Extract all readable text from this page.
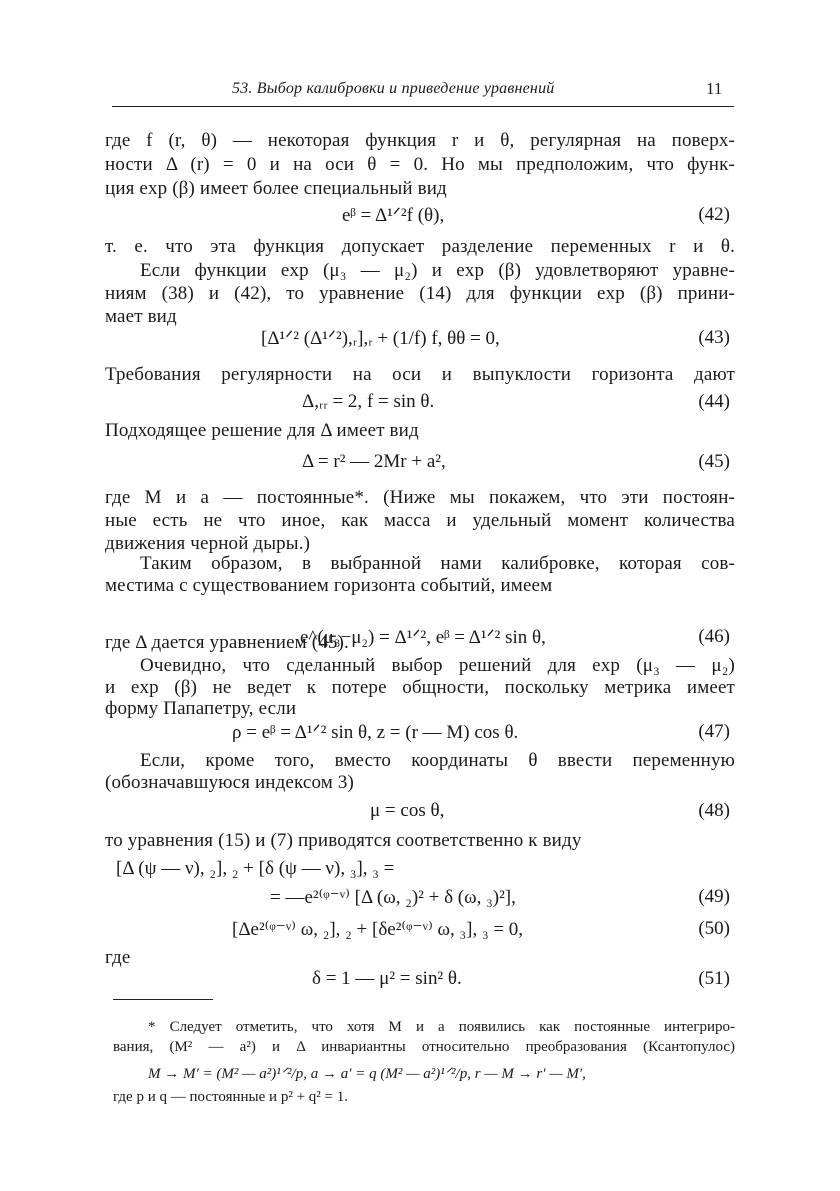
53. Выбор калибровки и приведение уравнений	11
где f (r, θ) — некоторая функция r и θ, регулярная на поверх-
ности Δ (r) = 0 и на оси θ = 0. Но мы предположим, что функ-
ция exp (β) имеет более специальный вид
eᵝ = Δ¹ᐟ²f (θ),	(42)
т. е. что эта функция допускает разделение переменных r и θ.
Если функции exp (μ₃ — μ₂) и exp (β) удовлетворяют уравне-
ниям (38) и (42), то уравнение (14) для функции exp (β) прини-
мает вид
[Δ¹ᐟ² (Δ¹ᐟ²),ᵣ],ᵣ + (1/f) f, θθ = 0,	(43)
Требования регулярности на оси и выпуклости горизонта дают
Δ,ᵣᵣ = 2, f = sin θ.	(44)
Подходящее решение для Δ имеет вид
Δ = r² — 2Mr + a²,	(45)
где M и a — постоянные*. (Ниже мы покажем, что эти постоян-
ные есть не что иное, как масса и удельный момент количества
движения черной дыры.)
Таким образом, в выбранной нами калибровке, которая сов-
местима с существованием горизонта событий, имеем
e^(μ₃−μ₂) = Δ¹ᐟ², eᵝ = Δ¹ᐟ² sin θ,	(46)
где Δ дается уравнением (45).
Очевидно, что сделанный выбор решений для exp (μ₃ — μ₂)
и exp (β) не ведет к потере общности, поскольку метрика имеет
форму Папапетру, если
ρ = eᵝ = Δ¹ᐟ² sin θ, z = (r — M) cos θ.	(47)
Если, кроме того, вместо координаты θ ввести переменную
(обозначавшуюся индексом 3)
μ = cos θ,	(48)
то уравнения (15) и (7) приводятся соответственно к виду
[Δ (ψ — ν), ₂], ₂ + [δ (ψ — ν), ₃], ₃ =
= —e²⁽ᵠ⁻ᵛ⁾ [Δ (ω, ₂)² + δ (ω, ₃)²],	(49)
[Δe²⁽ᵠ⁻ᵛ⁾ ω, ₂], ₂ + [δe²⁽ᵠ⁻ᵛ⁾ ω, ₃], ₃ = 0,	(50)
где
δ = 1 — μ² = sin² θ.	(51)
* Следует отметить, что хотя M и a появились как постоянные интегриро-
вания, (M² — a²) и Δ инвариантны относительно преобразования (Ксантопулос)
M → M′ = (M² — a²)¹ᐟ²/p, a → a′ = q (M² — a²)¹ᐟ²/p, r — M → r′ — M′,
где p и q — постоянные и p² + q² = 1.
